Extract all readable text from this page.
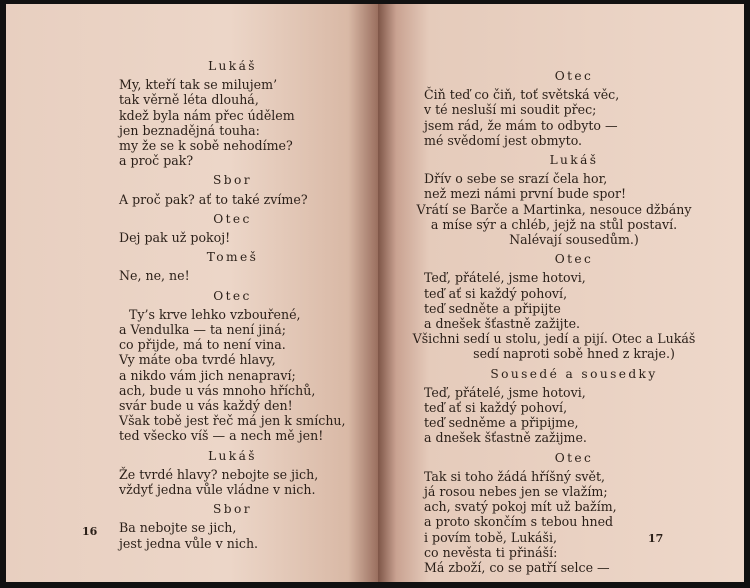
Lukáš
My, kteří tak se milujem’
tak věrně léta dlouhá,
kdež byla nám přec údělem
jen beznadějná touha:
my že se k sobě nehodíme?
a proč pak?
Sbor
A proč pak? ať to také zvíme?
Otec
Dej pak už pokoj!
Tomeš
Ne, ne, ne!
Otec
Ty’s krve lehko vzbouřené,
a Vendulka — ta není jiná;
co přijde, má to není vina.
Vy máte oba tvrdé hlavy,
a nikdo vám jich nenapraví;
ach, bude u vás mnoho hříchů,
svár bude u vás každý den!
Však tobě jest řeč má jen k smíchu,
ted všecko víš — a nech mě jen!
Lukáš
Že tvrdé hlavy? nebojte se jich,
vždyť jedna vůle vládne v nich.
Sbor
Ba nebojte se jich,
jest jedna vůle v nich.
16
Otec
Čiň teď co čiň, toť světská věc,
v té nesluší mi soudit přec;
jsem rád, že mám to odbyto —
mé svědomí jest obmyto.
Lukáš
Dřív o sebe se srazí čela hor,
než mezi námi první bude spor!
Vrátí se Barče a Martinka, nesouce džbány
a míse sýr a chléb, jejž na stůl postaví.
Nalévají sousedům.)
Otec
Teď, přátelé, jsme hotovi,
teď ať si každý pohoví,
teď sedněte a připijte
a dnešek šťastně zažijte.
Všichni sedí u stolu, jedí a pijí. Otec a Lukáš
sedí naproti sobě hned z kraje.)
Sousedé a sousedky
Teď, přátelé, jsme hotovi,
teď ať si každý pohoví,
teď sedněme a připijme,
a dnešek šťastně zažijme.
Otec
Tak si toho žádá hříšný svět,
já rosou nebes jen se vlažím;
ach, svatý pokoj mít už bažím,
a proto skončím s tebou hned
i povím tobě, Lukáši,
co nevěsta ti přináší:
Má zboží, co se patří selce —
17
